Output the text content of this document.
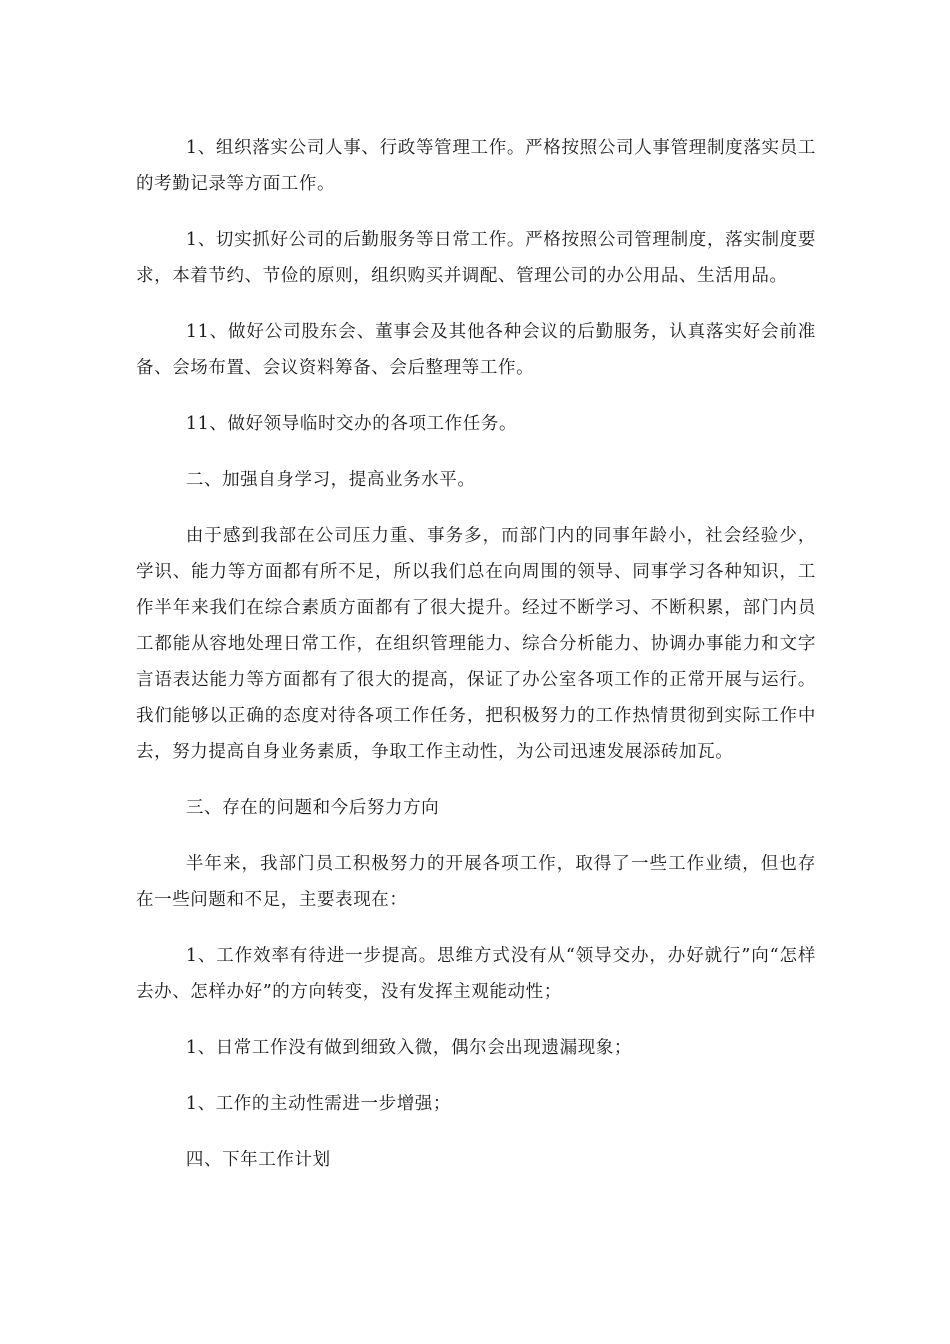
1、组织落实公司人事、行政等管理工作。严格按照公司人事管理制度落实员工的考勤记录等方面工作。

1、切实抓好公司的后勤服务等日常工作。严格按照公司管理制度，落实制度要求，本着节约、节俭的原则，组织购买并调配、管理公司的办公用品、生活用品。

11、做好公司股东会、董事会及其他各种会议的后勤服务，认真落实好会前准备、会场布置、会议资料筹备、会后整理等工作。

11、做好领导临时交办的各项工作任务。

二、加强自身学习，提高业务水平。

由于感到我部在公司压力重、事务多，而部门内的同事年龄小，社会经验少，学识、能力等方面都有所不足，所以我们总在向周围的领导、同事学习各种知识，工作半年来我们在综合素质方面都有了很大提升。经过不断学习、不断积累，部门内员工都能从容地处理日常工作，在组织管理能力、综合分析能力、协调办事能力和文字言语表达能力等方面都有了很大的提高，保证了办公室各项工作的正常开展与运行。我们能够以正确的态度对待各项工作任务，把积极努力的工作热情贯彻到实际工作中去，努力提高自身业务素质，争取工作主动性，为公司迅速发展添砖加瓦。

三、存在的问题和今后努力方向

半年来，我部门员工积极努力的开展各项工作，取得了一些工作业绩，但也存在一些问题和不足，主要表现在：

1、工作效率有待进一步提高。思维方式没有从“领导交办，办好就行”向“怎样去办、怎样办好”的方向转变，没有发挥主观能动性；

1、日常工作没有做到细致入微，偶尔会出现遗漏现象；

1、工作的主动性需进一步增强；

四、下年工作计划
